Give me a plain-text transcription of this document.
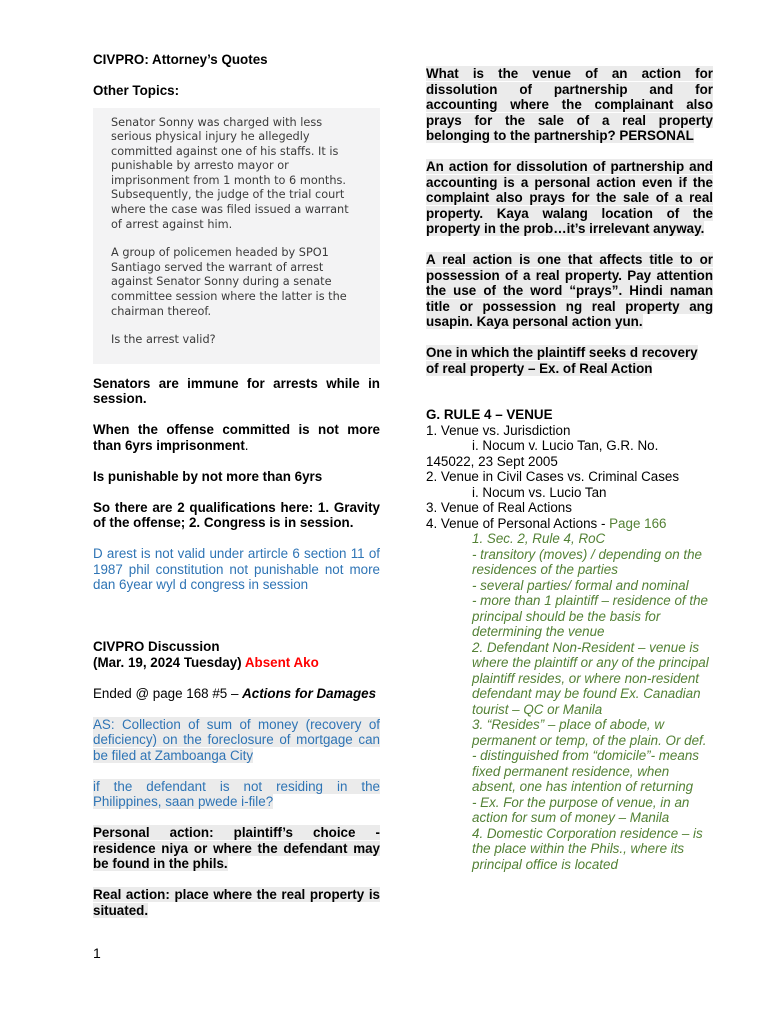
CIVPRO: Attorney’s Quotes

Other Topics:

Senator Sonny was charged with less serious physical injury he allegedly committed against one of his staffs. It is punishable by arresto mayor or imprisonment from 1 month to 6 months. Subsequently, the judge of the trial court where the case was filed issued a warrant of arrest against him.

A group of policemen headed by SPO1 Santiago served the warrant of arrest against Senator Sonny during a senate committee session where the latter is the chairman thereof.

Is the arrest valid?

Senators are immune for arrests while in session.

When the offense committed is not more than 6yrs imprisonment.

Is punishable by not more than 6yrs

So there are 2 qualifications here: 1. Gravity of the offense; 2. Congress is in session.

D arest is not valid under artircle 6 section 11 of 1987 phil constitution not punishable not more dan 6year wyl d congress in session

CIVPRO Discussion

(Mar. 19, 2024 Tuesday) Absent Ako

Ended @ page 168 #5 – Actions for Damages

AS: Collection of sum of money (recovery of deficiency) on the foreclosure of mortgage can be filed at Zamboanga City

if the defendant is not residing in the Philippines, saan pwede i-file?

Personal action: plaintiff’s choice - residence niya or where the defendant may be found in the phils.

Real action: place where the real property is situated.

What is the venue of an action for dissolution of partnership and for accounting where the complainant also prays for the sale of a real property belonging to the partnership? PERSONAL

An action for dissolution of partnership and accounting is a personal action even if the complaint also prays for the sale of a real property. Kaya walang location of the property in the prob…it’s irrelevant anyway.

A real action is one that affects title to or possession of a real property. Pay attention the use of the word “prays”. Hindi naman title or possession ng real property ang usapin. Kaya personal action yun.

One in which the plaintiff seeks d recovery of real property – Ex. of Real Action

G. RULE 4 – VENUE

1. Venue vs. Jurisdiction

i. Nocum v. Lucio Tan, G.R. No.

145022, 23 Sept 2005

2. Venue in Civil Cases vs. Criminal Cases

i. Nocum vs. Lucio Tan

3. Venue of Real Actions

4. Venue of Personal Actions - Page 166

1. Sec. 2, Rule 4, RoC

- transitory (moves) / depending on the residences of the parties

- several parties/ formal and nominal

- more than 1 plaintiff – residence of the principal should be the basis for determining the venue

2. Defendant Non-Resident – venue is where the plaintiff or any of the principal plaintiff resides, or where non-resident defendant may be found Ex. Canadian tourist – QC or Manila

3. “Resides” – place of abode, w permanent or temp, of the plain. Or def.

- distinguished from “domicile”- means fixed permanent residence, when absent, one has intention of returning

- Ex. For the purpose of venue, in an action for sum of money – Manila

4. Domestic Corporation residence – is the place within the Phils., where its principal office is located

1
